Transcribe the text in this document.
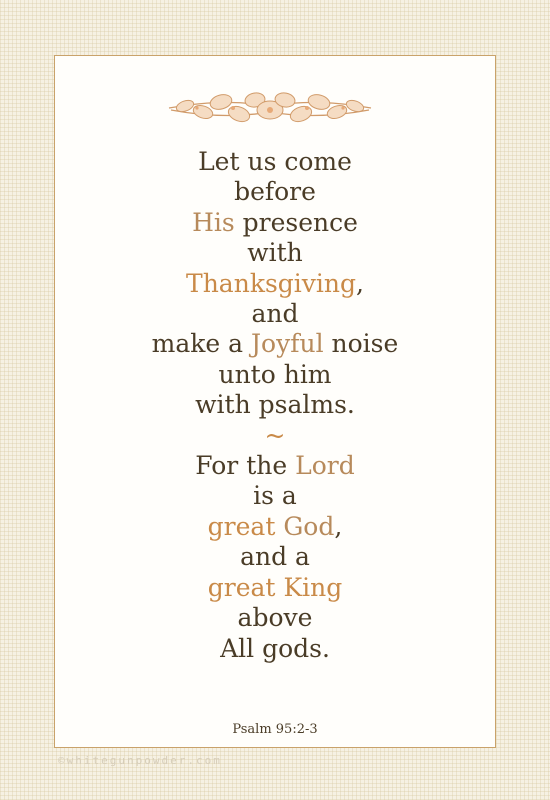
Let us come
before
His presence
with
Thanksgiving,
and
make a Joyful noise
unto him
with psalms.
~
For the Lord
is a
great God,
and a
great King
above
All gods.
Psalm 95:2-3
©whitegunpowder.com
